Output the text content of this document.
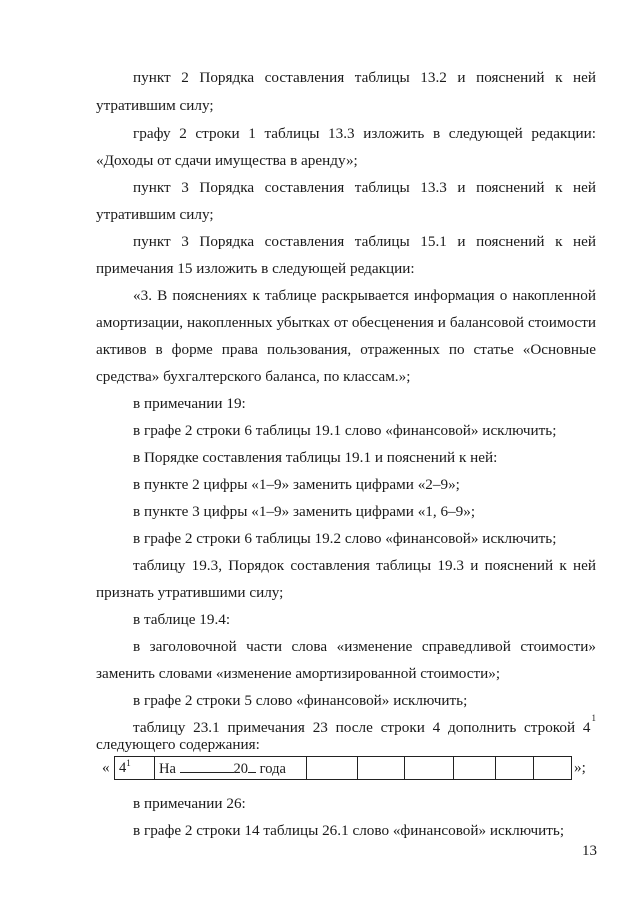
пункт 2 Порядка составления таблицы 13.2 и пояснений к ней
утратившим силу;
графу 2 строки 1 таблицы 13.3 изложить в следующей редакции:
«Доходы от сдачи имущества в аренду»;
пункт 3 Порядка составления таблицы 13.3 и пояснений к ней
утратившим силу;
пункт 3 Порядка составления таблицы 15.1 и пояснений к ней
примечания 15 изложить в следующей редакции:
«3. В пояснениях к таблице раскрывается информация о накопленной
амортизации, накопленных убытках от обесценения и балансовой стоимости
активов в форме права пользования, отраженных по статье «Основные
средства» бухгалтерского баланса, по классам.»;
в примечании 19:
в графе 2 строки 6 таблицы 19.1 слово «финансовой» исключить;
в Порядке составления таблицы 19.1 и пояснений к ней:
в пункте 2 цифры «1–9» заменить цифрами «2–9»;
в пункте 3 цифры «1–9» заменить цифрами «1, 6–9»;
в графе 2 строки 6 таблицы 19.2 слово «финансовой» исключить;
таблицу 19.3, Порядок составления таблицы 19.3 и пояснений к ней
признать утратившими силу;
в таблице 19.4:
в заголовочной части слова «изменение справедливой стоимости»
заменить словами «изменение амортизированной стоимости»;
в графе 2 строки 5 слово «финансовой» исключить;
таблицу 23.1 примечания 23 после строки 4 дополнить строкой 4
1
следующего содержания:
« $4^1$	На	20 года							»;
в примечании 26:
в графе 2 строки 14 таблицы 26.1 слово «финансовой» исключить;
13
